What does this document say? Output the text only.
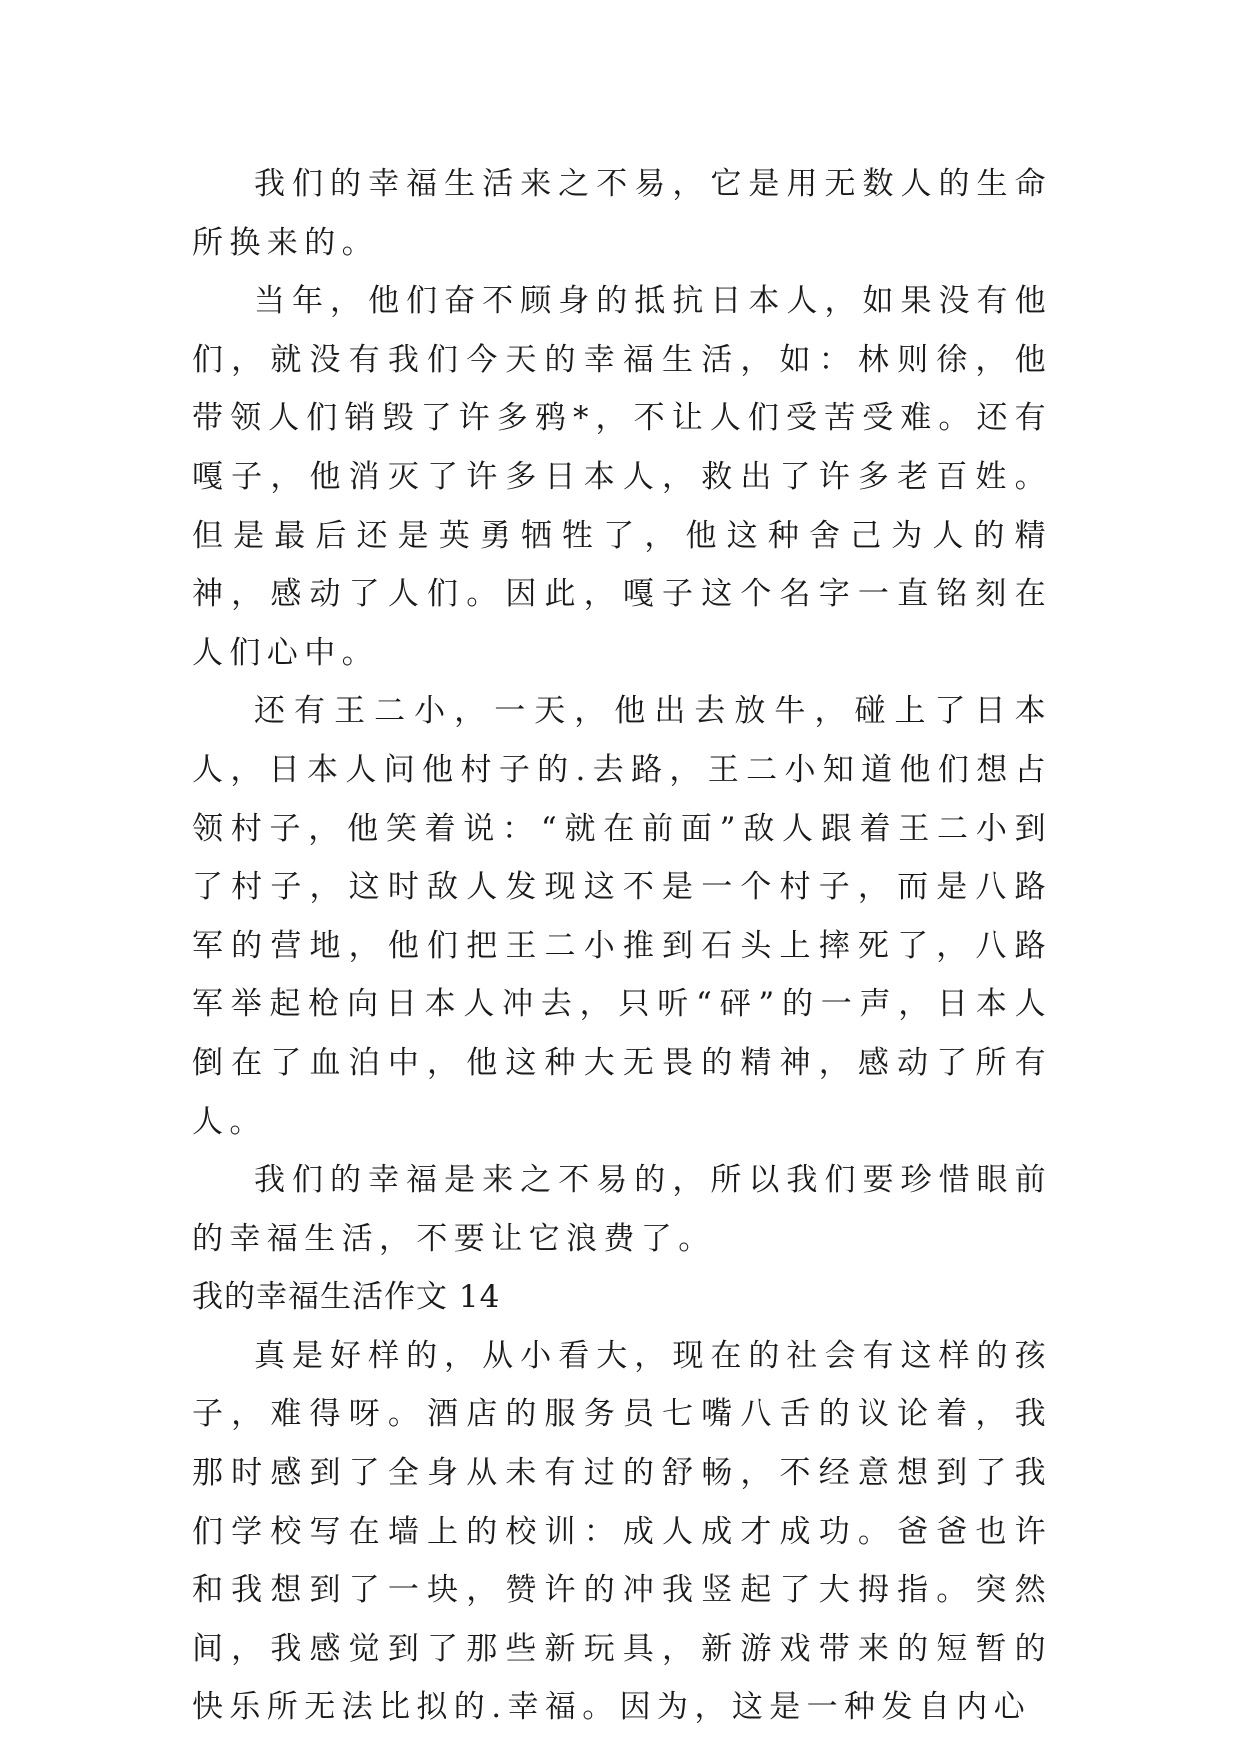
我们的幸福生活来之不易，它是用无数人的生命所换来的。

当年，他们奋不顾身的抵抗日本人，如果没有他们，就没有我们今天的幸福生活，如：林则徐，他带领人们销毁了许多鸦*，不让人们受苦受难。还有嘎子，他消灭了许多日本人，救出了许多老百姓。但是最后还是英勇牺牲了，他这种舍己为人的精神，感动了人们。因此，嘎子这个名字一直铭刻在人们心中。

还有王二小，一天，他出去放牛，碰上了日本人，日本人问他村子的.去路，王二小知道他们想占领村子，他笑着说：“就在前面”敌人跟着王二小到了村子，这时敌人发现这不是一个村子，而是八路军的营地，他们把王二小推到石头上摔死了，八路军举起枪向日本人冲去，只听“砰”的一声，日本人倒在了血泊中，他这种大无畏的精神，感动了所有人。

我们的幸福是来之不易的，所以我们要珍惜眼前的幸福生活，不要让它浪费了。

我的幸福生活作文 14

真是好样的，从小看大，现在的社会有这样的孩子，难得呀。酒店的服务员七嘴八舌的议论着，我那时感到了全身从未有过的舒畅，不经意想到了我们学校写在墙上的校训：成人成才成功。爸爸也许和我想到了一块，赞许的冲我竖起了大拇指。突然间，我感觉到了那些新玩具，新游戏带来的短暂的快乐所无法比拟的.幸福。因为，这是一种发自内心
